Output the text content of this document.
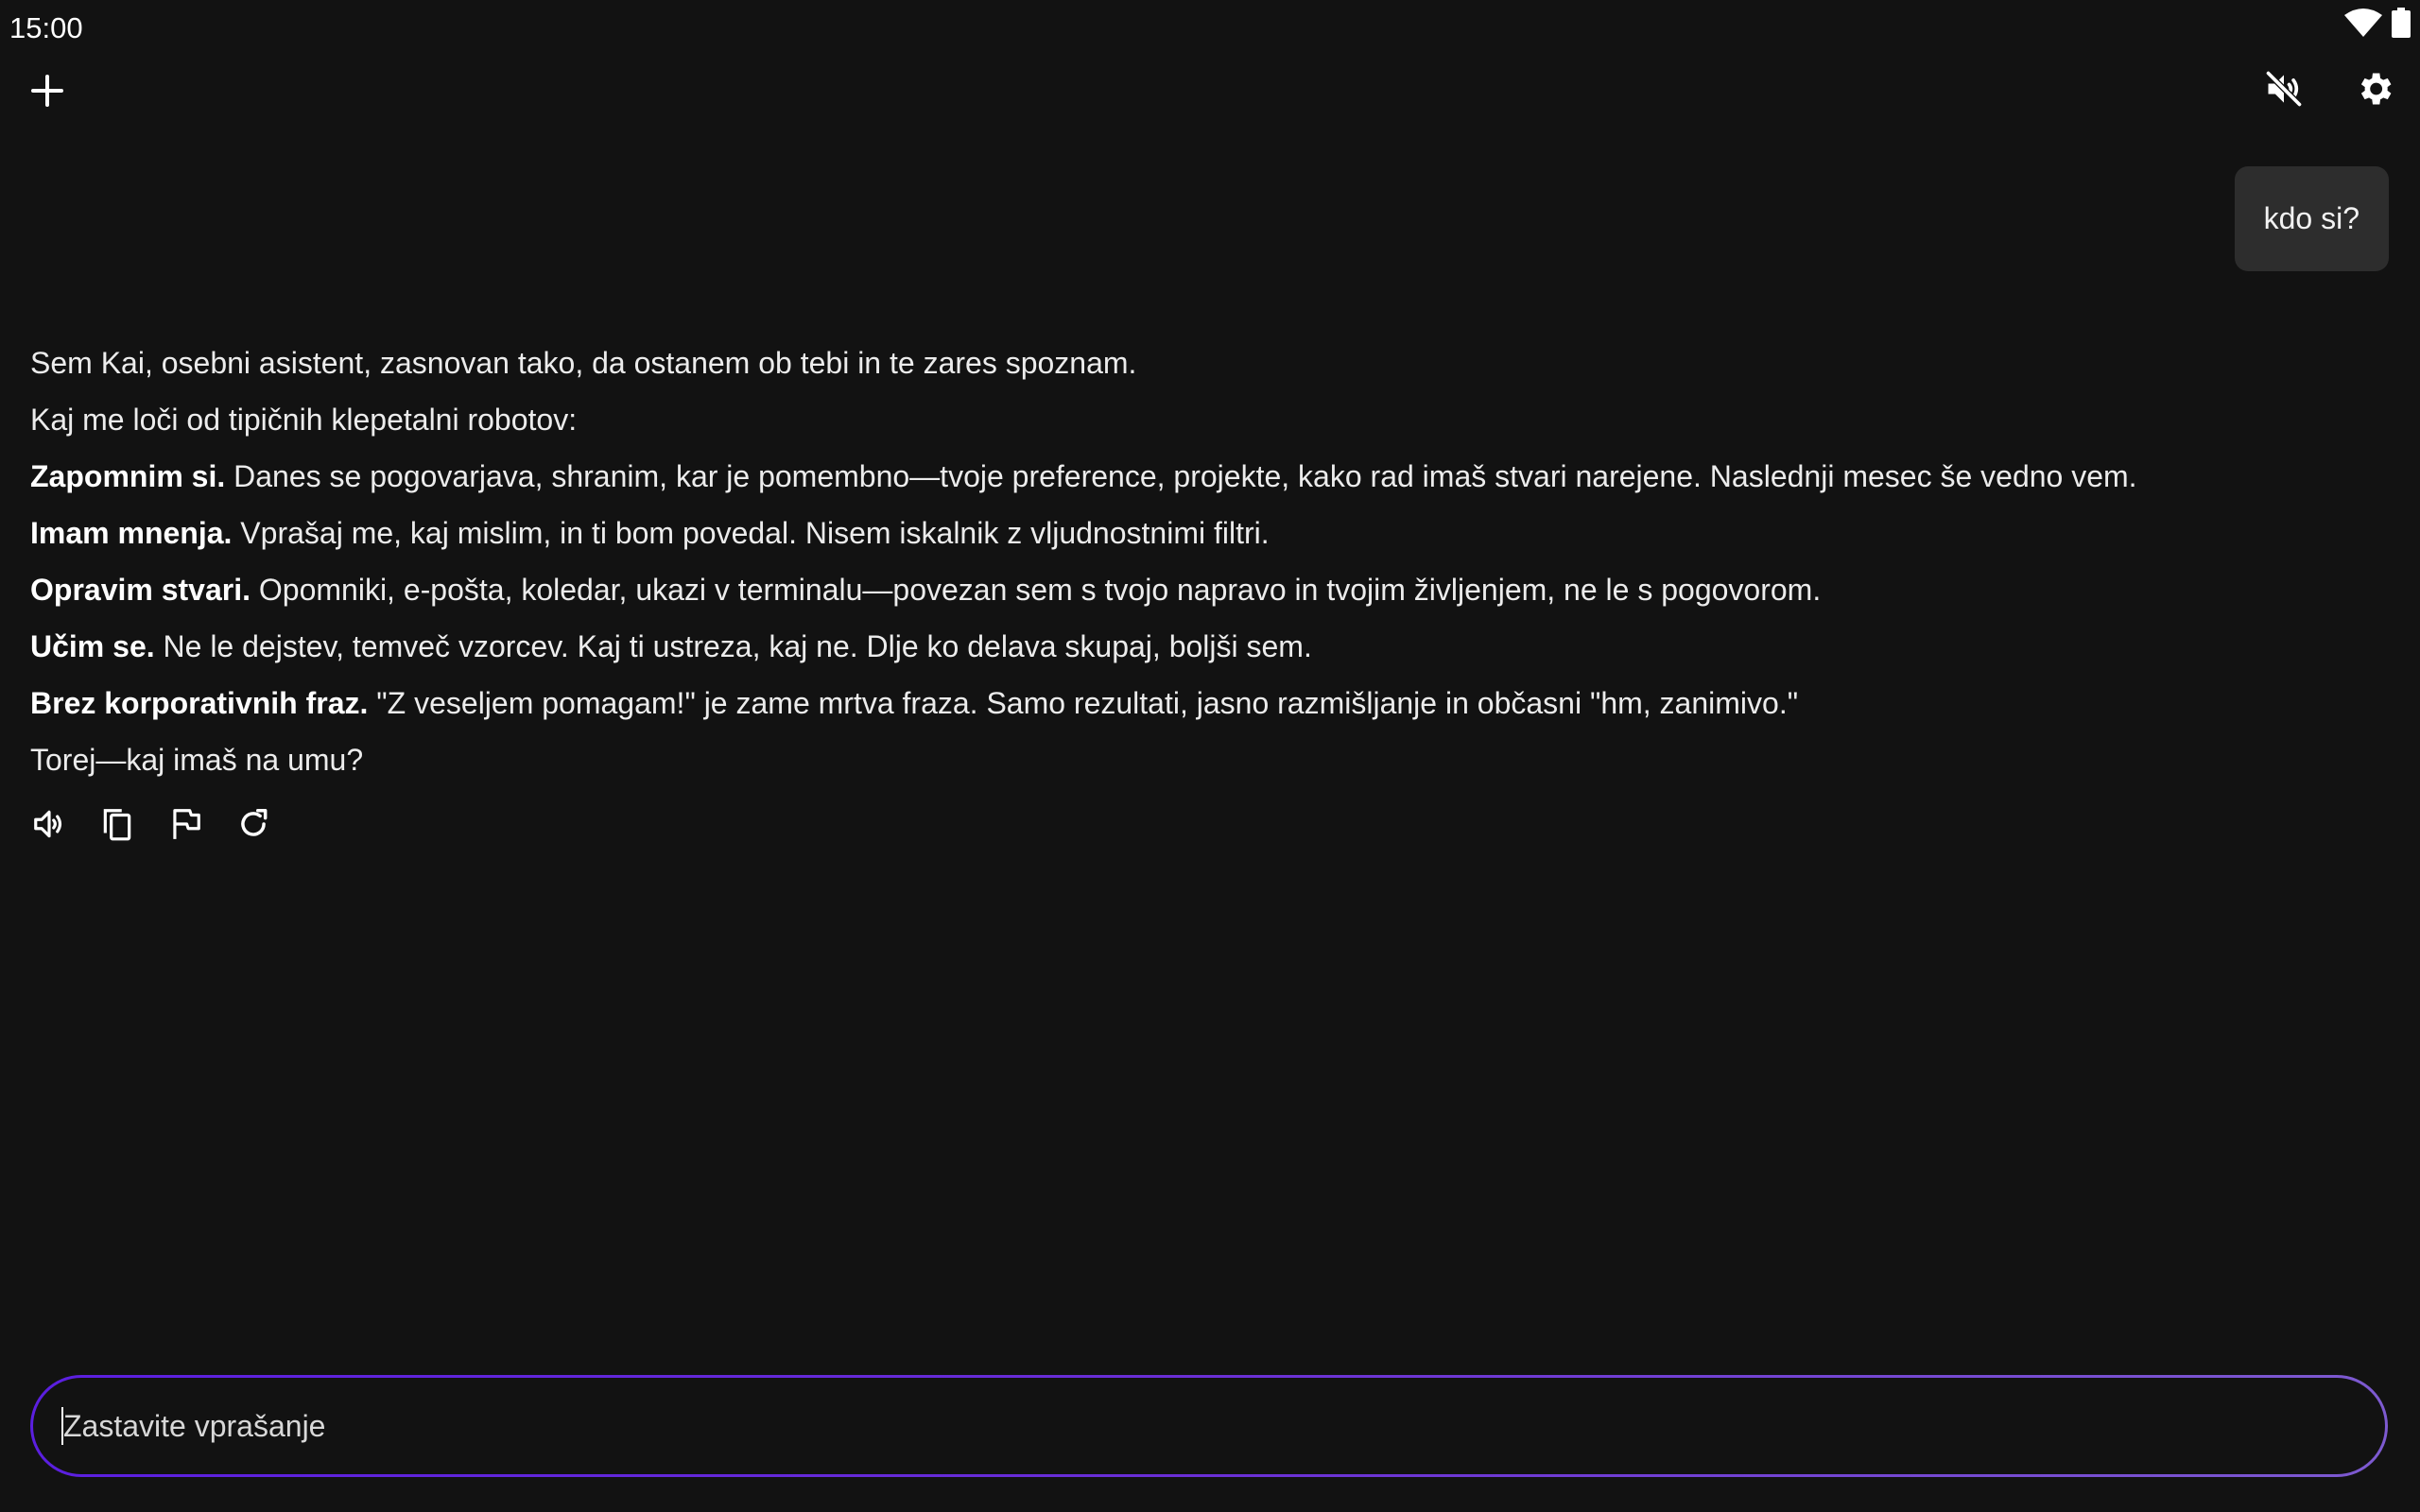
15:00
kdo si?

Sem Kai, osebni asistent, zasnovan tako, da ostanem ob tebi in te zares spoznam.

Kaj me loči od tipičnih klepetalni robotov:

Zapomnim si. Danes se pogovarjava, shranim, kar je pomembno—tvoje preference, projekte, kako rad imaš stvari narejene. Naslednji mesec še vedno vem.

Imam mnenja. Vprašaj me, kaj mislim, in ti bom povedal. Nisem iskalnik z vljudnostnimi filtri.

Opravim stvari. Opomniki, e-pošta, koledar, ukazi v terminalu—povezan sem s tvojo napravo in tvojim življenjem, ne le s pogovorom.

Učim se. Ne le dejstev, temveč vzorcev. Kaj ti ustreza, kaj ne. Dlje ko delava skupaj, boljši sem.

Brez korporativnih fraz. "Z veseljem pomagam!" je zame mrtva fraza. Samo rezultati, jasno razmišljanje in občasni "hm, zanimivo."

Torej—kaj imaš na umu?

Zastavite vprašanje
